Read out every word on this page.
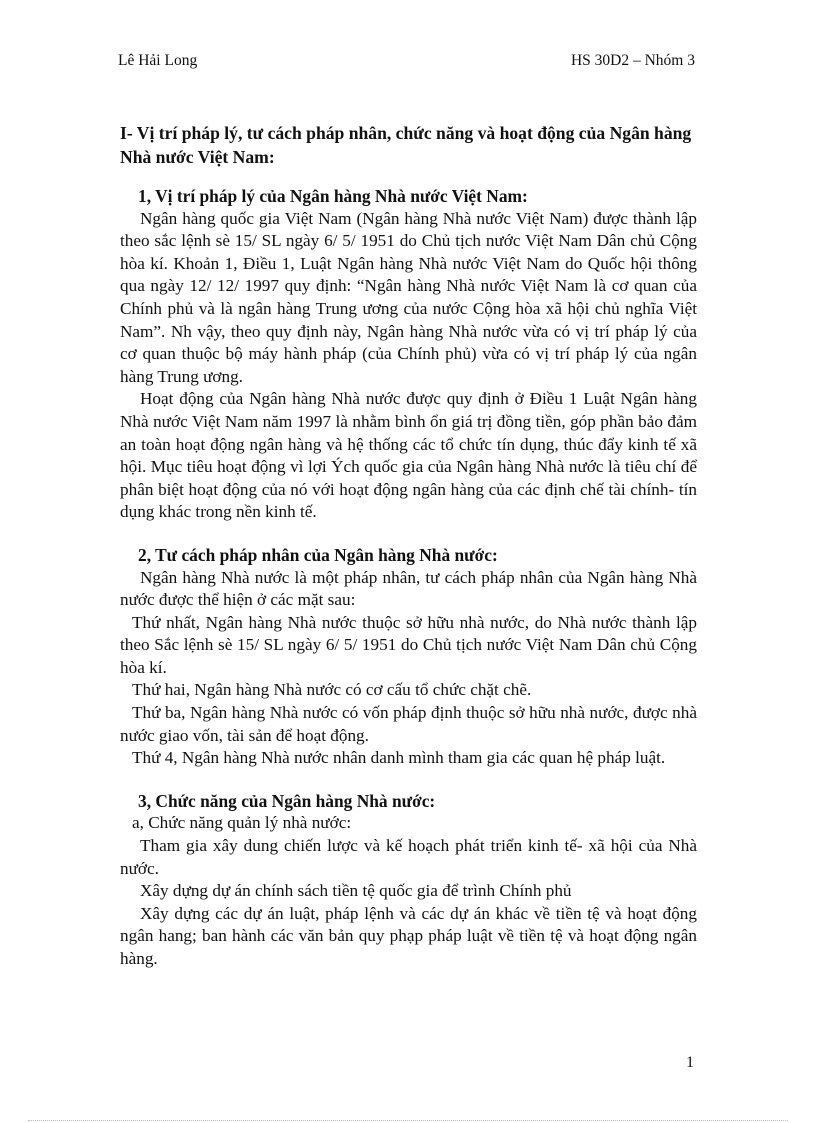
Lê Hải Long	HS 30D2 – Nhóm 3

I- Vị trí pháp lý, tư cách pháp nhân, chức năng và hoạt động của Ngân hàng Nhà nước Việt Nam:

1, Vị trí pháp lý của Ngân hàng Nhà nước Việt Nam:

Ngân hàng quốc gia Việt Nam (Ngân hàng Nhà nước Việt Nam) được thành lập theo sắc lệnh sè 15/ SL ngày 6/ 5/ 1951 do Chủ tịch nước Việt Nam Dân chủ Cộng hòa kí. Khoản 1, Điều 1, Luật Ngân hàng Nhà nước Việt Nam do Quốc hội thông qua ngày 12/ 12/ 1997 quy định: “Ngân hàng Nhà nước Việt Nam là cơ quan của Chính phủ và là ngân hàng Trung ương của nước Cộng hòa xã hội chủ nghĩa Việt Nam”. Nh vậy, theo quy định này, Ngân hàng Nhà nước vừa có vị trí pháp lý của cơ quan thuộc bộ máy hành pháp (của Chính phủ) vừa có vị trí pháp lý của ngân hàng Trung ương.

Hoạt động của Ngân hàng Nhà nước được quy định ở Điều 1 Luật Ngân hàng Nhà nước Việt Nam năm 1997 là nhằm bình ổn giá trị đồng tiền, góp phần bảo đảm an toàn hoạt động ngân hàng và hệ thống các tổ chức tín dụng, thúc đẩy kinh tế xã hội. Mục tiêu hoạt động vì lợi Ých quốc gia của Ngân hàng Nhà nước là tiêu chí để phân biệt hoạt động của nó với hoạt động ngân hàng của các định chế tài chính- tín dụng khác trong nền kinh tế.

2, Tư cách pháp nhân của Ngân hàng Nhà nước:

Ngân hàng Nhà nước là một pháp nhân, tư cách pháp nhân của Ngân hàng Nhà nước được thể hiện ở các mặt sau:

Thứ nhất, Ngân hàng Nhà nước thuộc sở hữu nhà nước, do Nhà nước thành lập theo Sắc lệnh sè 15/ SL ngày 6/ 5/ 1951 do Chủ tịch nước Việt Nam Dân chủ Cộng hòa kí.

Thứ hai, Ngân hàng Nhà nước có cơ cấu tổ chức chặt chẽ.

Thứ ba, Ngân hàng Nhà nước có vốn pháp định thuộc sở hữu nhà nước, được nhà nước giao vốn, tài sản để hoạt động.

Thứ 4, Ngân hàng Nhà nước nhân danh mình tham gia các quan hệ pháp luật.

3, Chức năng của Ngân hàng Nhà nước:

a, Chức năng quản lý nhà nước:

Tham gia xây dung chiến lược và kế hoạch phát triển kinh tế- xã hội của Nhà nước.

Xây dựng dự án chính sách tiền tệ quốc gia để trình Chính phủ

Xây dựng các dự án luật, pháp lệnh và các dự án khác về tiền tệ và hoạt động ngân hang; ban hành các văn bản quy phạp pháp luật về tiền tệ và hoạt động ngân hàng.

1
